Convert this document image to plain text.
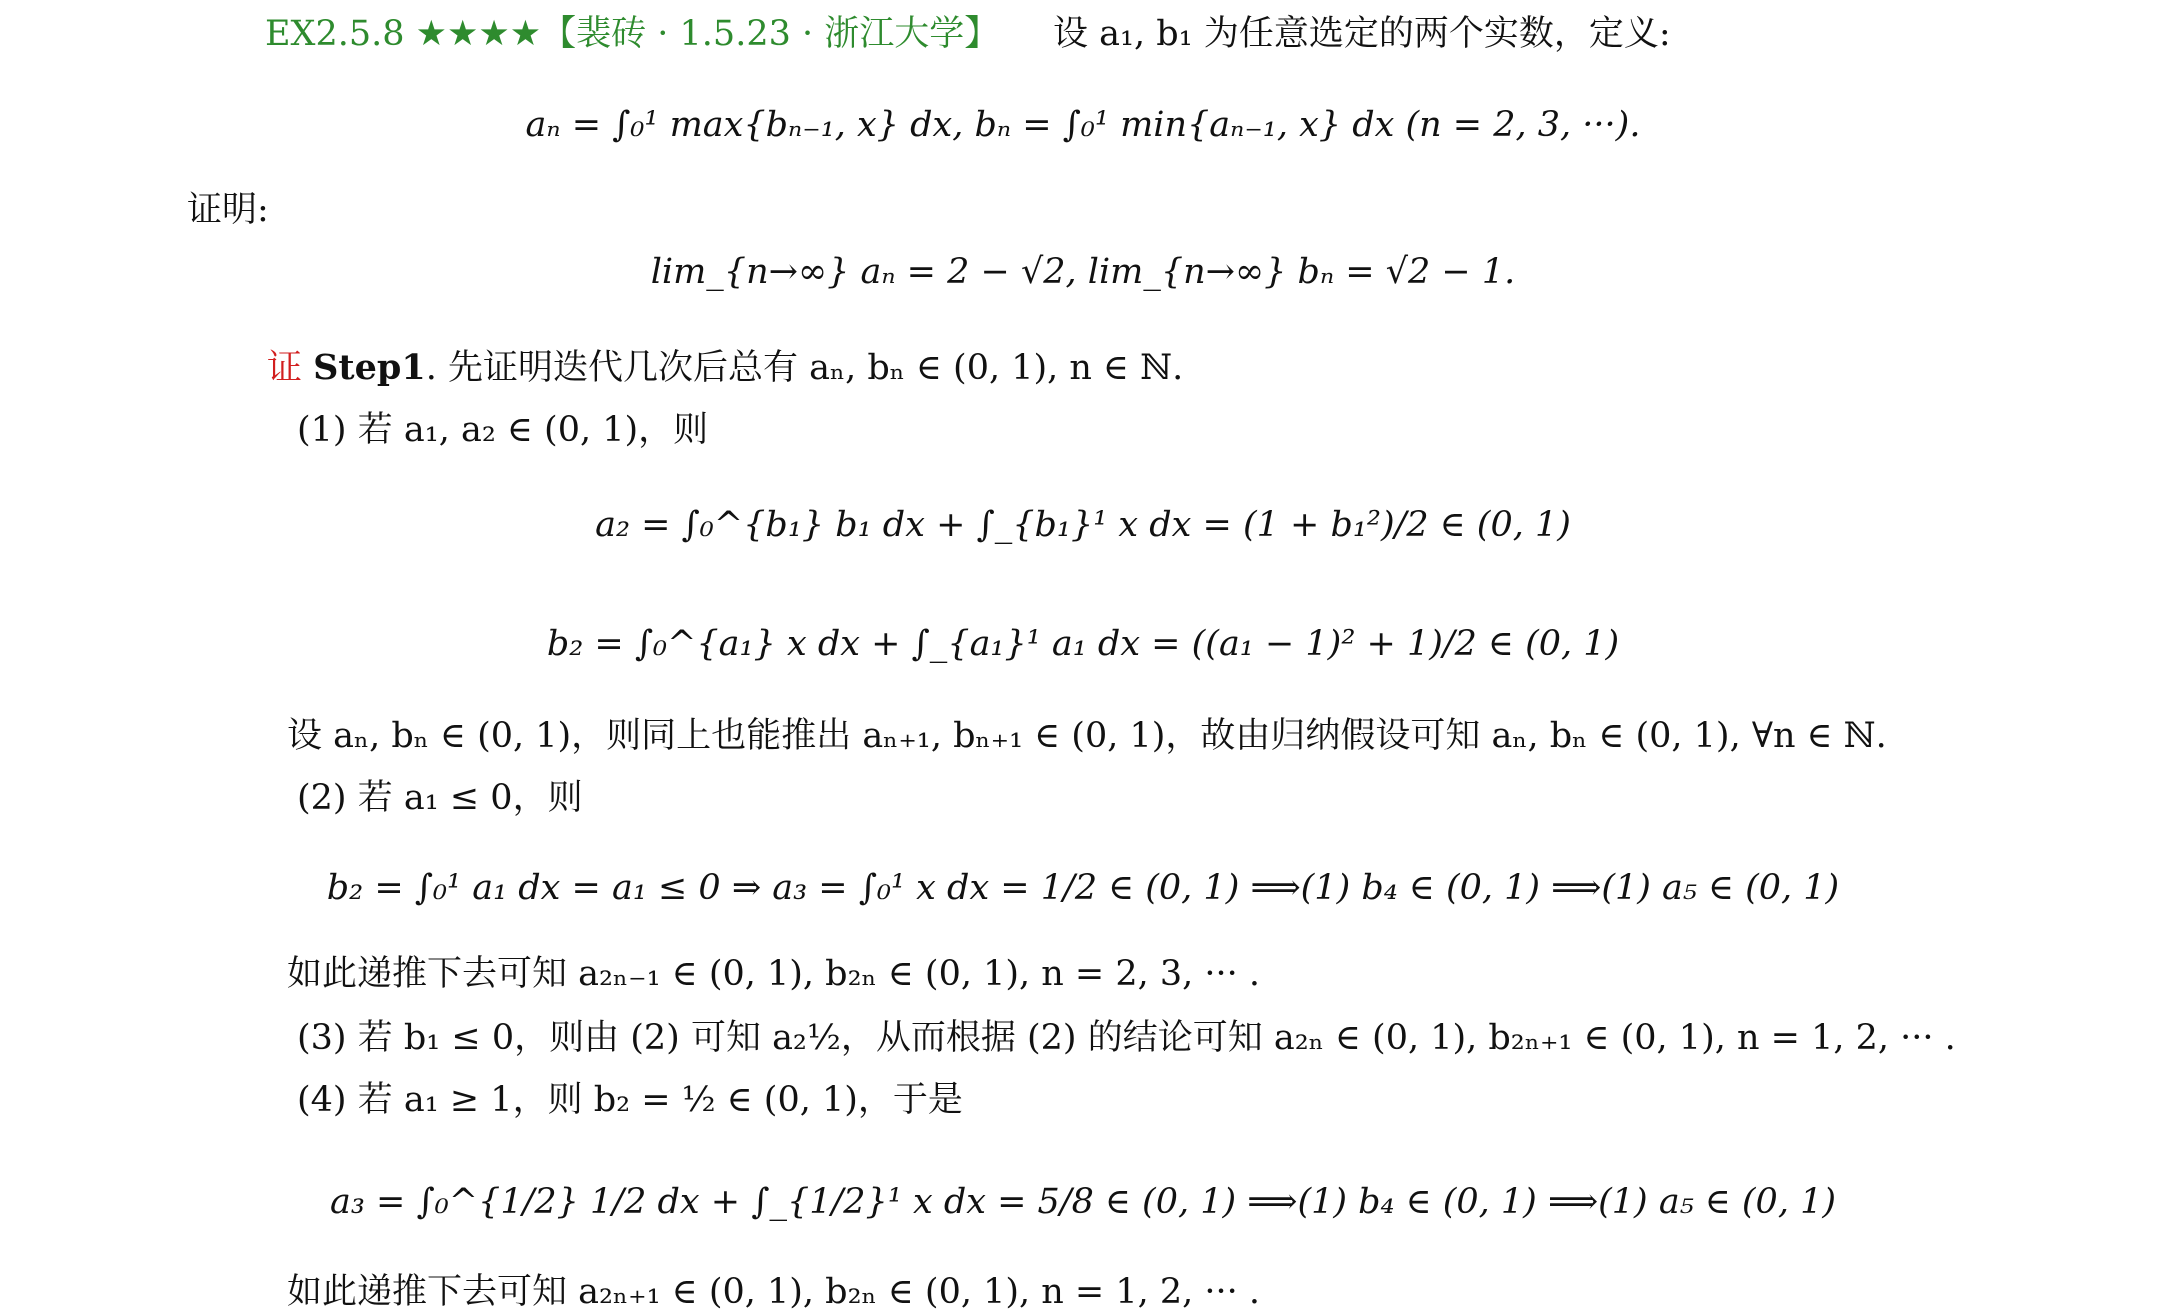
EX2.5.8 ★★★★【裴砖 · 1.5.23 · 浙江大学】 设 a₁, b₁ 为任意选定的两个实数，定义:
aₙ = ∫₀¹ max{bₙ₋₁, x} dx, bₙ = ∫₀¹ min{aₙ₋₁, x} dx (n = 2, 3, ···).
证明:
lim_{n→∞} aₙ = 2 − √2, lim_{n→∞} bₙ = √2 − 1.
证 Step1. 先证明迭代几次后总有 aₙ, bₙ ∈ (0, 1), n ∈ ℕ.
(1) 若 a₁, a₂ ∈ (0, 1)，则
a₂ = ∫₀^{b₁} b₁ dx + ∫_{b₁}¹ x dx = (1 + b₁²)/2 ∈ (0, 1)
b₂ = ∫₀^{a₁} x dx + ∫_{a₁}¹ a₁ dx = ((a₁ − 1)² + 1)/2 ∈ (0, 1)
设 aₙ, bₙ ∈ (0, 1)，则同上也能推出 aₙ₊₁, bₙ₊₁ ∈ (0, 1)，故由归纳假设可知 aₙ, bₙ ∈ (0, 1), ∀n ∈ ℕ.
(2) 若 a₁ ≤ 0，则
b₂ = ∫₀¹ a₁ dx = a₁ ≤ 0 ⇒ a₃ = ∫₀¹ x dx = 1/2 ∈ (0, 1) ⟹(1) b₄ ∈ (0, 1) ⟹(1) a₅ ∈ (0, 1)
如此递推下去可知 a₂ₙ₋₁ ∈ (0, 1), b₂ₙ ∈ (0, 1), n = 2, 3, ··· .
(3) 若 b₁ ≤ 0，则由 (2) 可知 a₂½，从而根据 (2) 的结论可知 a₂ₙ ∈ (0, 1), b₂ₙ₊₁ ∈ (0, 1), n = 1, 2, ··· .
(4) 若 a₁ ≥ 1，则 b₂ = ½ ∈ (0, 1)，于是
a₃ = ∫₀^{1/2} 1/2 dx + ∫_{1/2}¹ x dx = 5/8 ∈ (0, 1) ⟹(1) b₄ ∈ (0, 1) ⟹(1) a₅ ∈ (0, 1)
如此递推下去可知 a₂ₙ₊₁ ∈ (0, 1), b₂ₙ ∈ (0, 1), n = 1, 2, ··· .
